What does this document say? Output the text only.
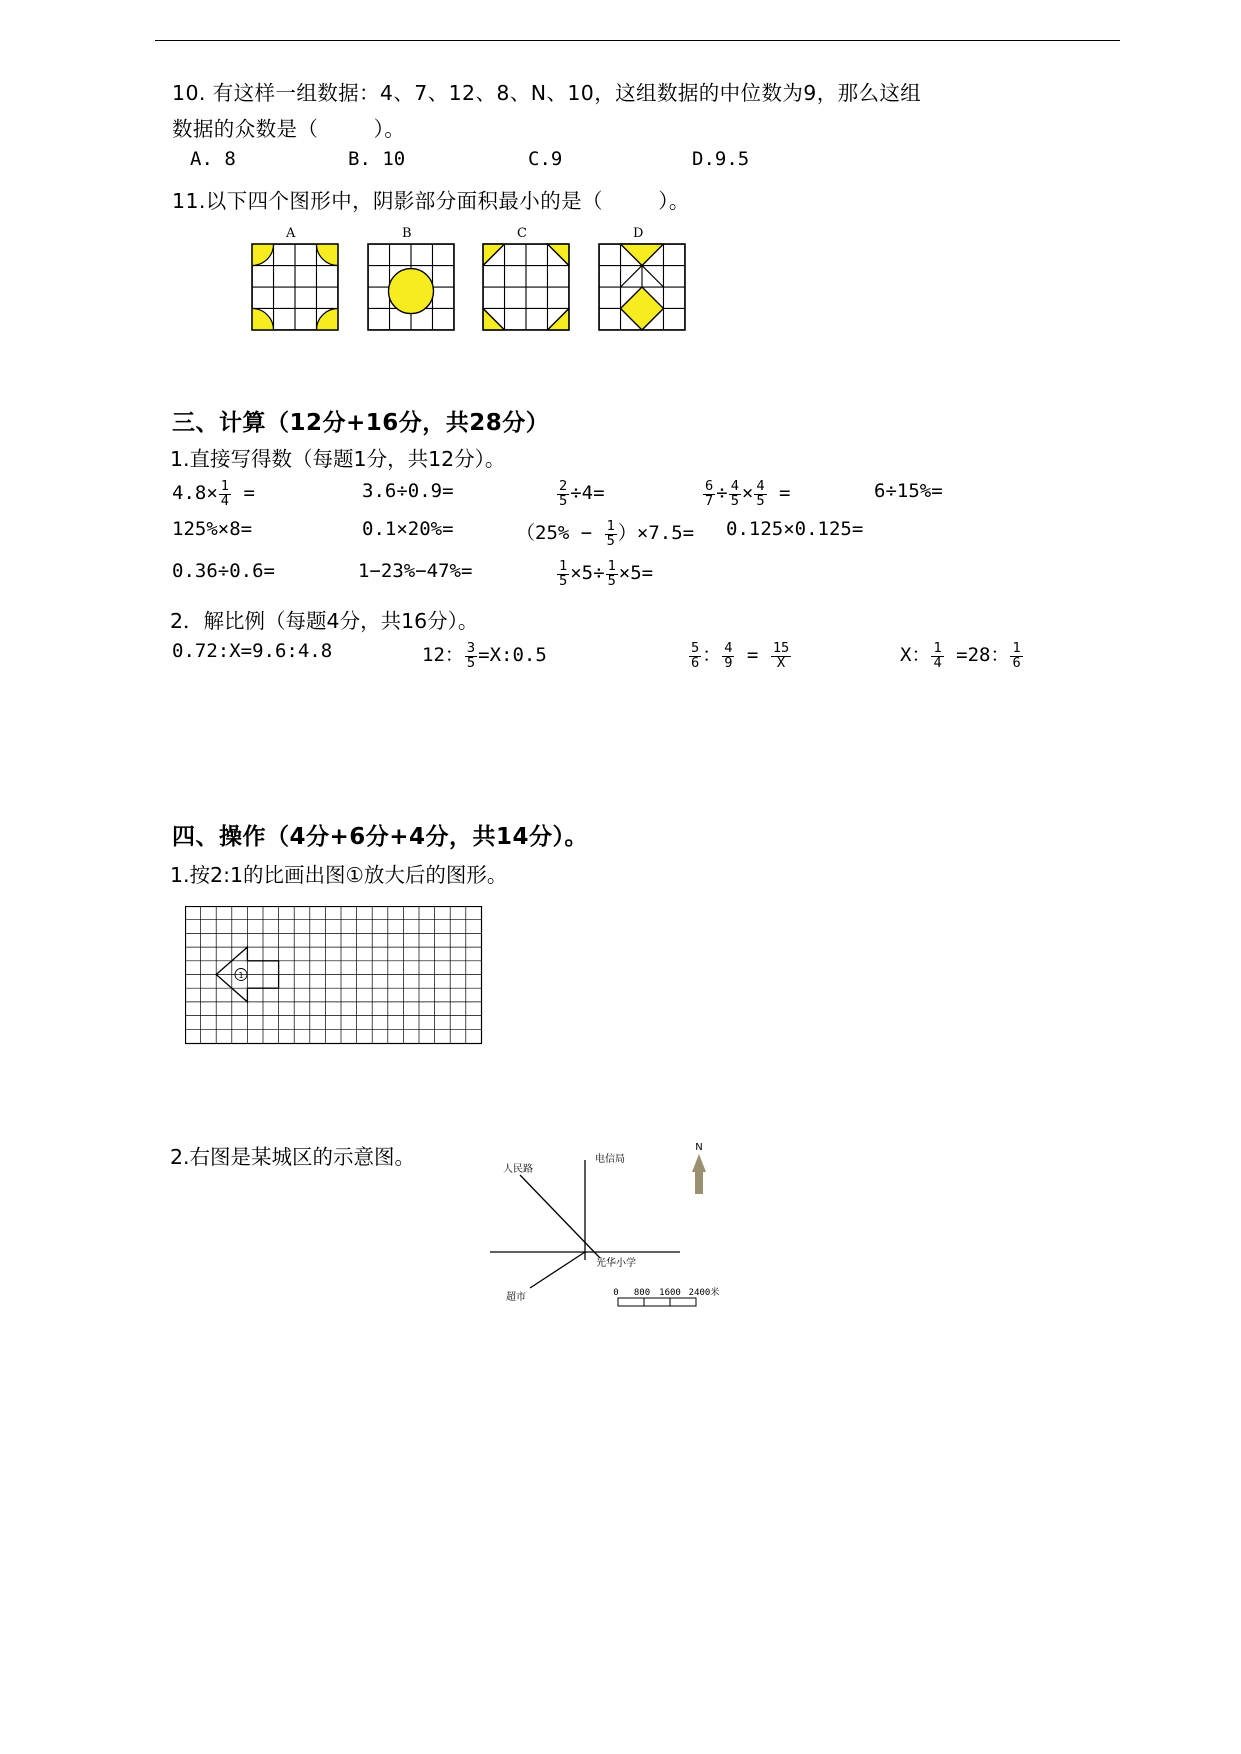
10. 有这样一组数据：4、7、12、8、N、10，这组数据的中位数为9，那么这组
数据的众数是（        ）。
A. 8	B. 10	C.9	D.9.5
11.以下四个图形中，阴影部分面积最小的是（        ）。
A	B	C	D
三、计算（12分+16分，共28分）
1.直接写得数（每题1分，共12分）。
$4.8\times \frac{1}{4}$ =	3.6÷0.9=	$\frac{2}{5} \div 4=$	$\frac{6}{7} \div \frac{4}{5} \times \frac{4}{5}$ =	6÷15%=
125%×8=	0.1×20%=	$(25\% - \frac{1}{5} )\times 7.5= 0.125\times 0.125=$
0.36÷0.6=	1−23%−47%=	$\frac{1}{5} \times 5\div \frac{1}{5} \times 5=$
2．解比例（每题4分，共16分）。
0.72:X=9.6:4.8	12： $\frac{3}{5}$ =X:0.5	$\frac{5}{6}$ ： $\frac{4}{9} = \frac{15}{X}$	X： $\frac{1}{4} =28$： $\frac{1}{6}$
四、操作（4分+6分+4分，共14分）。
1.按2:1的比画出图①放大后的图形。
1
2.右图是某城区的示意图。	N
人民路
电信局
光华小学
超市	0 800 1600 2400米
